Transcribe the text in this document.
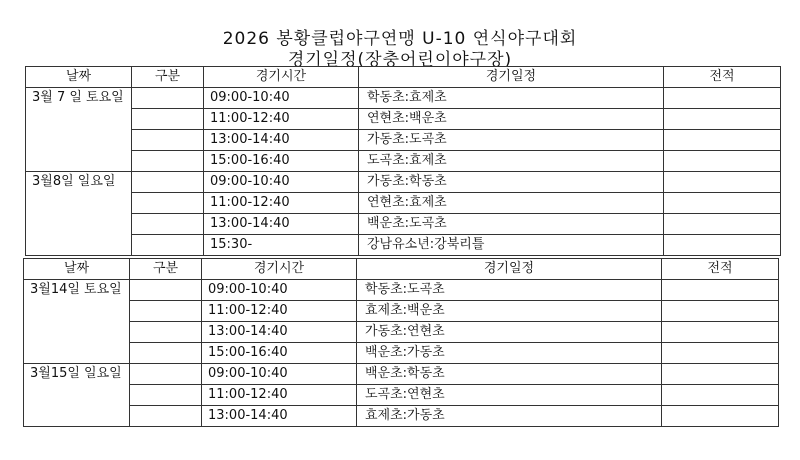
2026 봉황클럽야구연맹 U-10 연식야구대회
경기일정(장충어린이야구장)
날짜	구분	경기시간	경기일정	전적
3월 7 일 토요일		09:00-10:40	학동초:효제초	
		11:00-12:40	연현초:백운초	
		13:00-14:40	가동초:도곡초	
		15:00-16:40	도곡초:효제초	
3월8일 일요일		09:00-10:40	가동초:학동초	
		11:00-12:40	연현초:효제초	
		13:00-14:40	백운초:도곡초	
		15:30-	강남유소년:강북리틀	
날짜	구분	경기시간	경기일정	전적
3월14일 토요일		09:00-10:40	학동초:도곡초	
		11:00-12:40	효제초:백운초	
		13:00-14:40	가동초:연현초	
		15:00-16:40	백운초:가동초	
3월15일 일요일		09:00-10:40	백운초:학동초	
		11:00-12:40	도곡초:연현초	
		13:00-14:40	효제초:가동초	
